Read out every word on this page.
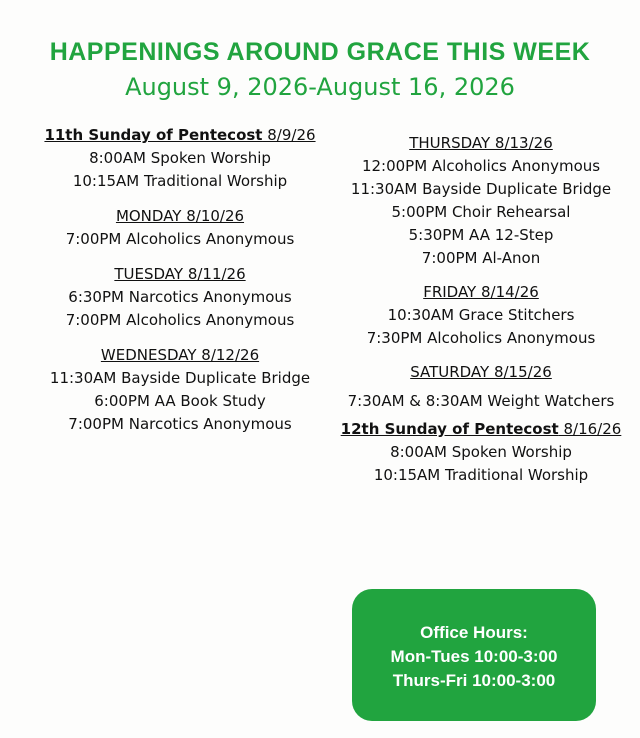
HAPPENINGS AROUND GRACE THIS WEEK
August 9, 2026-August 16, 2026
11th Sunday of Pentecost 8/9/26
8:00AM Spoken Worship
10:15AM Traditional Worship
MONDAY 8/10/26
7:00PM Alcoholics Anonymous
TUESDAY 8/11/26
6:30PM Narcotics Anonymous
7:00PM Alcoholics Anonymous
WEDNESDAY 8/12/26
11:30AM Bayside Duplicate Bridge
6:00PM AA Book Study
7:00PM Narcotics Anonymous
THURSDAY 8/13/26
12:00PM Alcoholics Anonymous
11:30AM Bayside Duplicate Bridge
5:00PM Choir Rehearsal
5:30PM AA 12-Step
7:00PM Al-Anon
FRIDAY 8/14/26
10:30AM Grace Stitchers
7:30PM Alcoholics Anonymous
SATURDAY 8/15/26
7:30AM & 8:30AM Weight Watchers
12th Sunday of Pentecost 8/16/26
8:00AM Spoken Worship
10:15AM Traditional Worship
Office Hours:
Mon-Tues 10:00-3:00
Thurs-Fri 10:00-3:00
